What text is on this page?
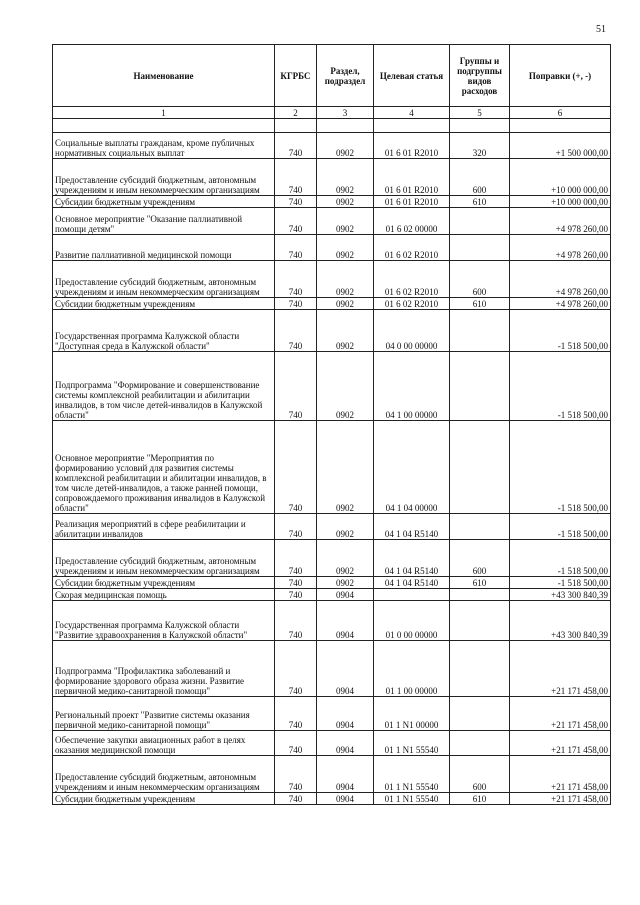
51
Наименование	КГРБС	Раздел, подраздел	Целевая статья	Группы и подгруппы видов расходов	Поправки (+, -)
1	2	3	4	5	6

Социальные выплаты гражданам, кроме публичных нормативных социальных выплат	740	0902	01 6 01 R2010	320	+1 500 000,00
Предоставление субсидий бюджетным, автономным учреждениям и иным некоммерческим организациям	740	0902	01 6 01 R2010	600	+10 000 000,00
Субсидии бюджетным учреждениям	740	0902	01 6 01 R2010	610	+10 000 000,00
Основное мероприятие "Оказание паллиативной помощи детям"	740	0902	01 6 02 00000		+4 978 260,00
Развитие паллиативной медицинской помощи	740	0902	01 6 02 R2010		+4 978 260,00
Предоставление субсидий бюджетным, автономным учреждениям и иным некоммерческим организациям	740	0902	01 6 02 R2010	600	+4 978 260,00
Субсидии бюджетным учреждениям	740	0902	01 6 02 R2010	610	+4 978 260,00
Государственная программа Калужской области "Доступная среда в Калужской области"	740	0902	04 0 00 00000		-1 518 500,00
Подпрограмма "Формирование и совершенствование системы комплексной реабилитации и абилитации инвалидов, в том числе детей-инвалидов в Калужской области"	740	0902	04 1 00 00000		-1 518 500,00
Основное мероприятие "Мероприятия по формированию условий для развития системы комплексной реабилитации и абилитации инвалидов, в том числе детей-инвалидов, а также ранней помощи, сопровождаемого проживания инвалидов в Калужской области"	740	0902	04 1 04 00000		-1 518 500,00
Реализация мероприятий в сфере реабилитации и абилитации инвалидов	740	0902	04 1 04 R5140		-1 518 500,00
Предоставление субсидий бюджетным, автономным учреждениям и иным некоммерческим организациям	740	0902	04 1 04 R5140	600	-1 518 500,00
Субсидии бюджетным учреждениям	740	0902	04 1 04 R5140	610	-1 518 500,00
Скорая медицинская помощь	740	0904			+43 300 840,39
Государственная программа Калужской области "Развитие здравоохранения в Калужской области"	740	0904	01 0 00 00000		+43 300 840,39
Подпрограмма "Профилактика заболеваний и формирование здорового образа жизни. Развитие первичной медико-санитарной помощи"	740	0904	01 1 00 00000		+21 171 458,00
Региональный проект "Развитие системы оказания первичной медико-санитарной помощи"	740	0904	01 1 N1 00000		+21 171 458,00
Обеспечение закупки авиационных работ в целях оказания медицинской помощи	740	0904	01 1 N1 55540		+21 171 458,00
Предоставление субсидий бюджетным, автономным учреждениям и иным некоммерческим организациям	740	0904	01 1 N1 55540	600	+21 171 458,00
Субсидии бюджетным учреждениям	740	0904	01 1 N1 55540	610	+21 171 458,00
